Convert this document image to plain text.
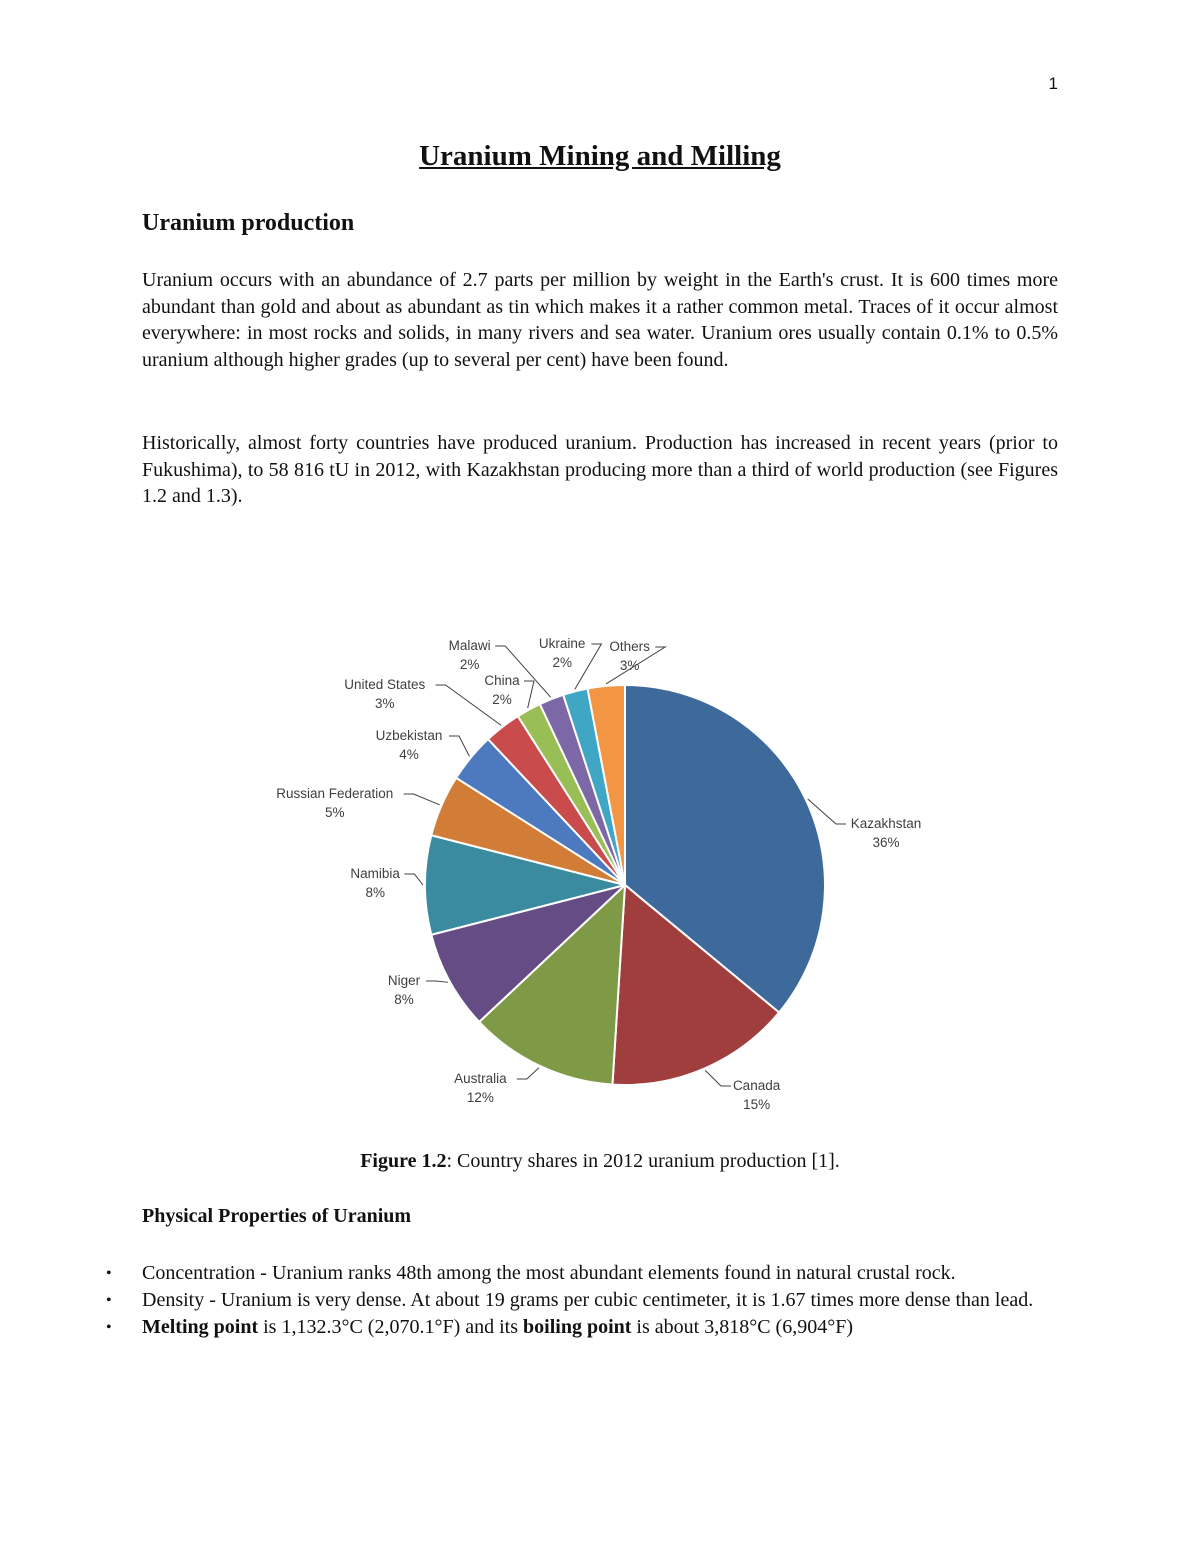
1
Uranium Mining and Milling
Uranium production

Uranium occurs with an abundance of 2.7 parts per million by weight in the Earth's crust. It is 600 times more abundant than gold and about as abundant as tin which makes it a rather common metal. Traces of it occur almost everywhere: in most rocks and solids, in many rivers and sea water. Uranium ores usually contain 0.1% to 0.5% uranium although higher grades (up to several per cent) have been found.

Historically, almost forty countries have produced uranium. Production has increased in recent years (prior to Fukushima), to 58 816 tU in 2012, with Kazakhstan producing more than a third of world production (see Figures 1.2 and 1.3).

Kazakhstan
36%
Canada
15%
Australia
12%
Niger
8%
Namibia
8%
Russian Federation
5%
Uzbekistan
4%
United States
3%
China
2%
Malawi
2%
Ukraine
2%
Others
3%

Figure 1.2: Country shares in 2012 uranium production [1].

Physical Properties of Uranium
• Concentration - Uranium ranks 48th among the most abundant elements found in natural crustal rock.
• Density - Uranium is very dense. At about 19 grams per cubic centimeter, it is 1.67 times more dense than lead.
• Melting point is 1,132.3°C (2,070.1°F) and its boiling point is about 3,818°C (6,904°F)
